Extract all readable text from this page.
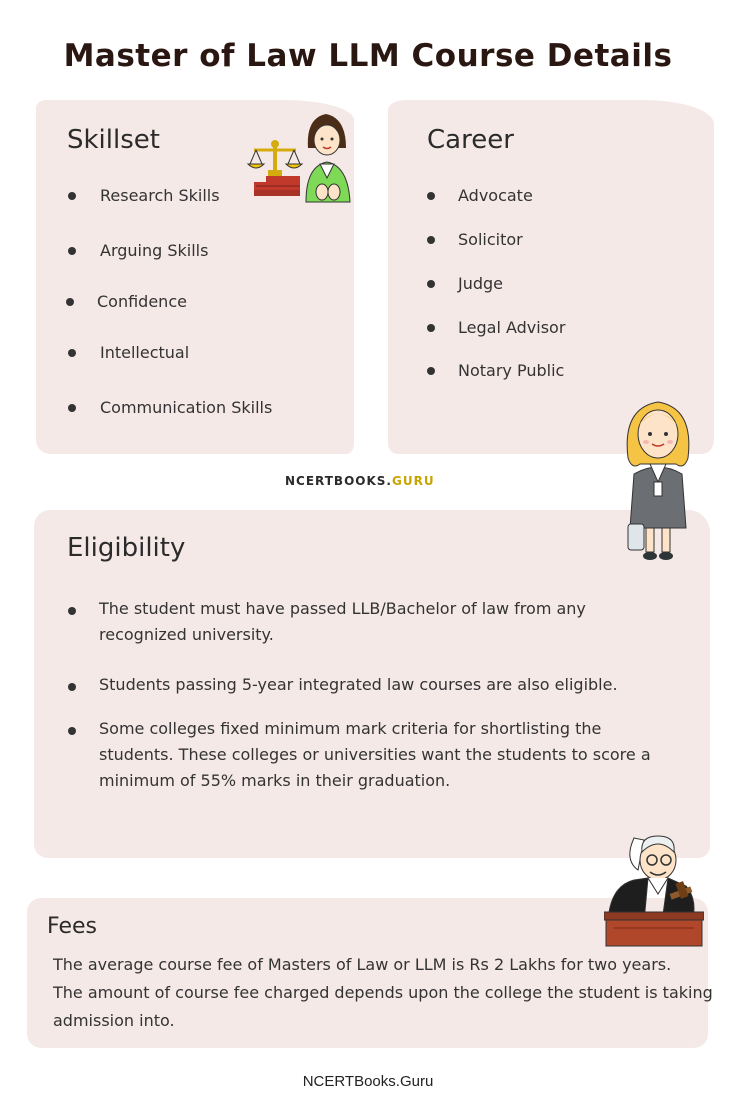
Master of Law LLM Course Details
Skillset
Research Skills
Arguing Skills
Confidence
Intellectual
Communication Skills
Career
Advocate
Solicitor
Judge
Legal Advisor
Notary Public
NCERTBOOKS.GURU
Eligibility
The student must have passed LLB/Bachelor of law from any recognized university.
Students passing 5-year integrated law courses are also eligible.
Some colleges fixed minimum mark criteria for shortlisting the students. These colleges or universities want the students to score a minimum of 55% marks in their graduation.
Fees
The average course fee of Masters of Law or LLM is Rs 2 Lakhs for two years.
The amount of course fee charged depends upon the college the student is taking
admission into.
NCERTBooks.Guru
